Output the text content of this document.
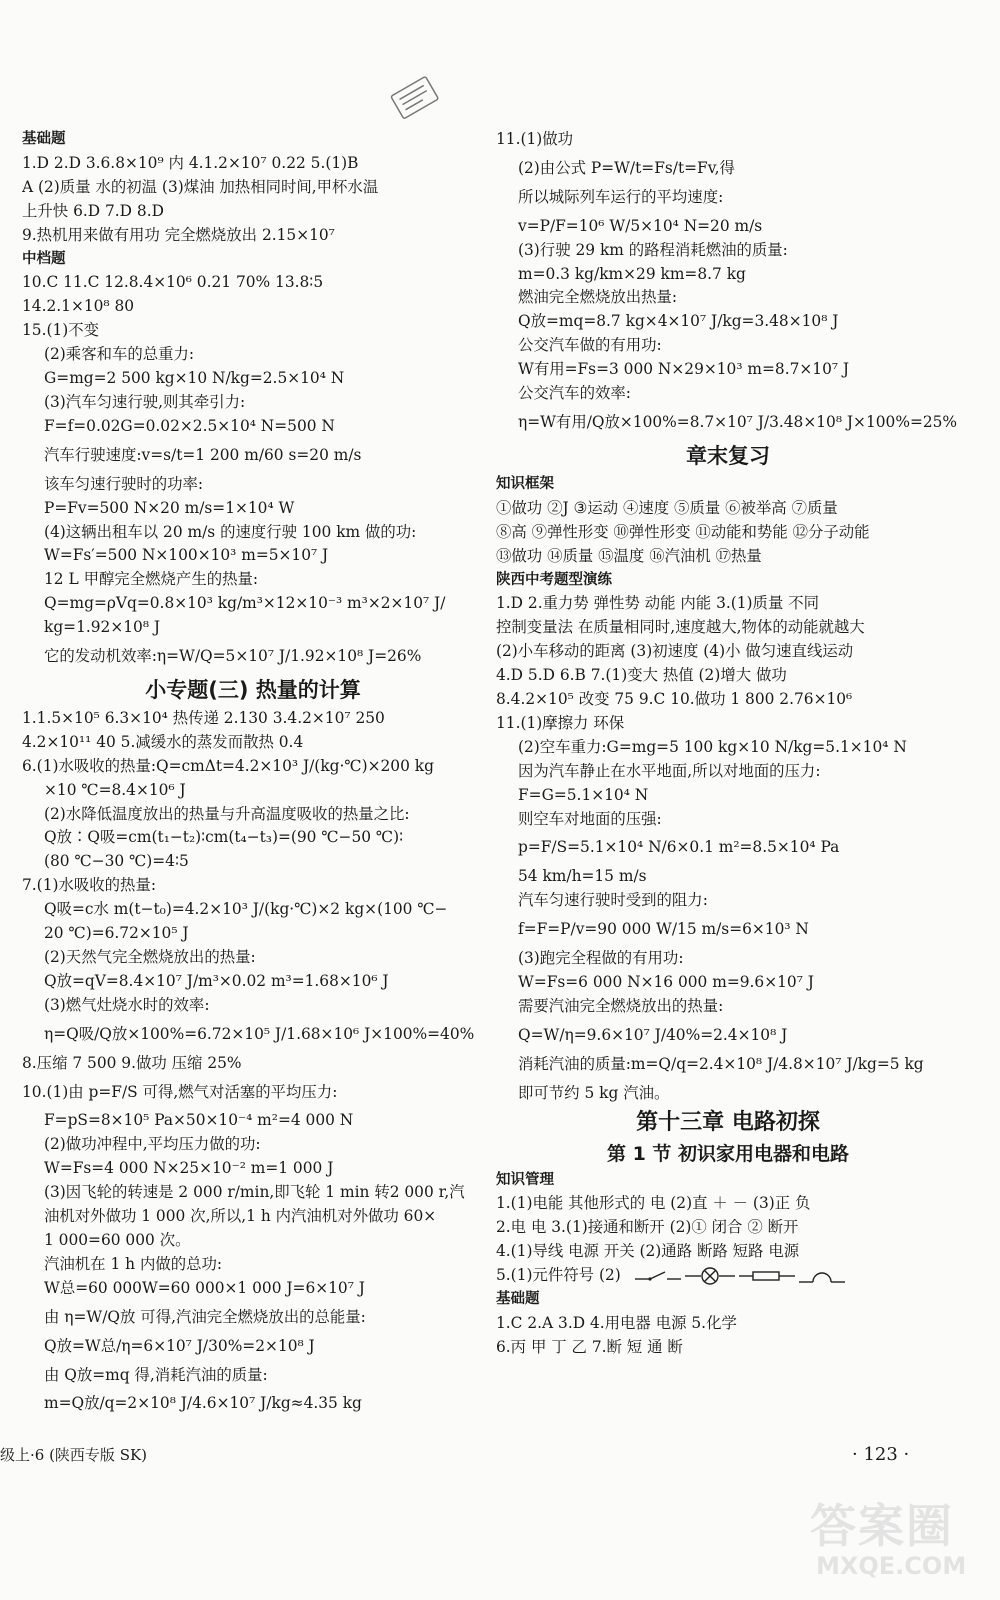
基础题
1.D 2.D 3.6.8×10⁹ 内 4.1.2×10⁷ 0.22 5.(1)B
A (2)质量 水的初温 (3)煤油 加热相同时间,甲杯水温
上升快 6.D 7.D 8.D
9.热机用来做有用功 完全燃烧放出 2.15×10⁷
中档题
10.C 11.C 12.8.4×10⁶ 0.21 70% 13.8∶5
14.2.1×10⁸ 80
15.(1)不变
(2)乘客和车的总重力:
G=mg=2 500 kg×10 N/kg=2.5×10⁴ N
(3)汽车匀速行驶,则其牵引力:
F=f=0.02G=0.02×2.5×10⁴ N=500 N
汽车行驶速度:v=s/t=1 200 m/60 s=20 m/s
该车匀速行驶时的功率:
P=Fv=500 N×20 m/s=1×10⁴ W
(4)这辆出租车以 20 m/s 的速度行驶 100 km 做的功:
W=Fs′=500 N×100×10³ m=5×10⁷ J
12 L 甲醇完全燃烧产生的热量:
Q=mg=ρVq=0.8×10³ kg/m³×12×10⁻³ m³×2×10⁷ J/
kg=1.92×10⁸ J
它的发动机效率:η=W/Q=5×10⁷ J/1.92×10⁸ J=26%
小专题(三) 热量的计算
1.1.5×10⁵ 6.3×10⁴ 热传递 2.130 3.4.2×10⁷ 250
4.2×10¹¹ 40 5.减缓水的蒸发而散热 0.4
6.(1)水吸收的热量:Q=cmΔt=4.2×10³ J/(kg·℃)×200 kg
×10 ℃=8.4×10⁶ J
(2)水降低温度放出的热量与升高温度吸收的热量之比:
Q放∶Q吸=cm(t₁−t₂)∶cm(t₄−t₃)=(90 ℃−50 ℃)∶
(80 ℃−30 ℃)=4∶5
7.(1)水吸收的热量:
Q吸=c水 m(t−t₀)=4.2×10³ J/(kg·℃)×2 kg×(100 ℃−
20 ℃)=6.72×10⁵ J
(2)天然气完全燃烧放出的热量:
Q放=qV=8.4×10⁷ J/m³×0.02 m³=1.68×10⁶ J
(3)燃气灶烧水时的效率:
η=Q吸/Q放×100%=6.72×10⁵ J/1.68×10⁶ J×100%=40%
8.压缩 7 500 9.做功 压缩 25%
10.(1)由 p=F/S 可得,燃气对活塞的平均压力:
F=pS=8×10⁵ Pa×50×10⁻⁴ m²=4 000 N
(2)做功冲程中,平均压力做的功:
W=Fs=4 000 N×25×10⁻² m=1 000 J
(3)因飞轮的转速是 2 000 r/min,即飞轮 1 min 转2 000 r,汽
油机对外做功 1 000 次,所以,1 h 内汽油机对外做功 60×
1 000=60 000 次。
汽油机在 1 h 内做的总功:
W总=60 000W=60 000×1 000 J=6×10⁷ J
由 η=W/Q放 可得,汽油完全燃烧放出的总能量:
Q放=W总/η=6×10⁷ J/30%=2×10⁸ J
由 Q放=mq 得,消耗汽油的质量:
m=Q放/q=2×10⁸ J/4.6×10⁷ J/kg≈4.35 kg
11.(1)做功
(2)由公式 P=W/t=Fs/t=Fv,得
所以城际列车运行的平均速度:
v=P/F=10⁶ W/5×10⁴ N=20 m/s
(3)行驶 29 km 的路程消耗燃油的质量:
m=0.3 kg/km×29 km=8.7 kg
燃油完全燃烧放出热量:
Q放=mq=8.7 kg×4×10⁷ J/kg=3.48×10⁸ J
公交汽车做的有用功:
W有用=Fs=3 000 N×29×10³ m=8.7×10⁷ J
公交汽车的效率:
η=W有用/Q放×100%=8.7×10⁷ J/3.48×10⁸ J×100%=25%
章末复习
知识框架
①做功 ②J ③运动 ④速度 ⑤质量 ⑥被举高 ⑦质量
⑧高 ⑨弹性形变 ⑩弹性形变 ⑪动能和势能 ⑫分子动能
⑬做功 ⑭质量 ⑮温度 ⑯汽油机 ⑰热量
陕西中考题型演练
1.D 2.重力势 弹性势 动能 内能 3.(1)质量 不同
控制变量法 在质量相同时,速度越大,物体的动能就越大
(2)小车移动的距离 (3)初速度 (4)小 做匀速直线运动
4.D 5.D 6.B 7.(1)变大 热值 (2)增大 做功
8.4.2×10⁵ 改变 75 9.C 10.做功 1 800 2.76×10⁶
11.(1)摩擦力 环保
(2)空车重力:G=mg=5 100 kg×10 N/kg=5.1×10⁴ N
因为汽车静止在水平地面,所以对地面的压力:
F=G=5.1×10⁴ N
则空车对地面的压强:
p=F/S=5.1×10⁴ N/6×0.1 m²=8.5×10⁴ Pa
54 km/h=15 m/s
汽车匀速行驶时受到的阻力:
f=F=P/v=90 000 W/15 m/s=6×10³ N
(3)跑完全程做的有用功:
W=Fs=6 000 N×16 000 m=9.6×10⁷ J
需要汽油完全燃烧放出的热量:
Q=W/η=9.6×10⁷ J/40%=2.4×10⁸ J
消耗汽油的质量:m=Q/q=2.4×10⁸ J/4.8×10⁷ J/kg=5 kg
即可节约 5 kg 汽油。
第十三章 电路初探
第 1 节 初识家用电器和电路
知识管理
1.(1)电能 其他形式的 电 (2)直 ＋ － (3)正 负
2.电 电 3.(1)接通和断开 (2)① 闭合 ② 断开
4.(1)导线 电源 开关 (2)通路 断路 短路 电源
5.(1)元件符号 (2)
基础题
1.C 2.A 3.D 4.用电器 电源 5.化学
6.丙 甲 丁 乙 7.断 短 通 断
级上·6 (陕西专版 SK)	· 123 ·
答案圈
MXQE.COM
